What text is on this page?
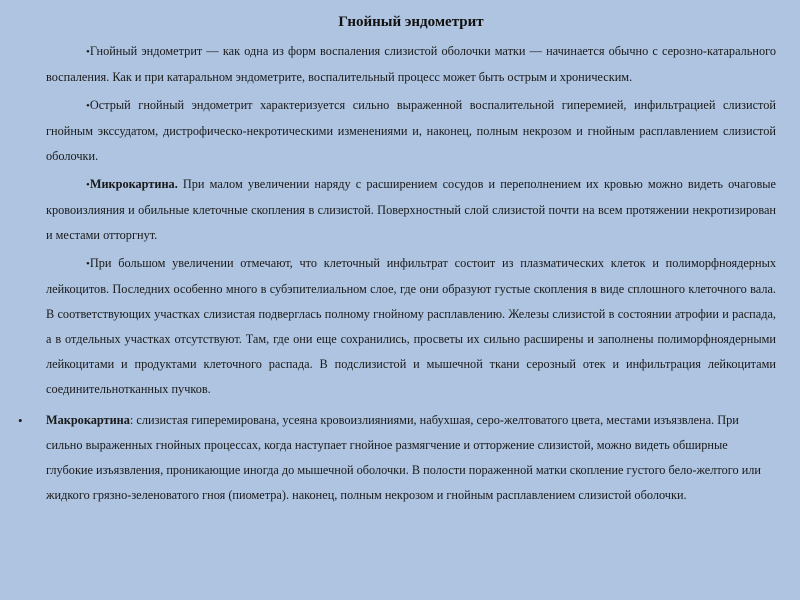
Гнойный эндометрит

•Гнойный эндометрит — как одна из форм воспаления слизистой оболочки матки — начинается обычно с серозно-катарального воспаления. Как и при катаральном эндометрите, воспалительный процесс может быть острым и хроническим.

•Острый гнойный эндометрит характеризуется сильно выраженной воспалительной гиперемией, инфильтрацией слизистой гнойным экссудатом, дистрофическо-некротическими изменениями и, наконец, полным некрозом и гнойным расплавлением слизистой оболочки.

•Микрокартина. При малом увеличении наряду с расширением сосудов и переполнением их кровью можно видеть очаговые кровоизлияния и обильные клеточные скопления в слизистой. Поверхностный слой слизистой почти на всем протяжении некротизирован и местами отторгнут.

•При большом увеличении отмечают, что клеточный инфильтрат состоит из плазматических клеток и полиморфноядерных лейкоцитов. Последних особенно много в субэпителиальном слое, где они образуют густые скопления в виде сплошного клеточного вала. В соответствующих участках слизистая подверглась полному гнойному расплавлению. Железы слизистой в состоянии атрофии и распада, а в отдельных участках отсутствуют. Там, где они еще сохранились, просветы их сильно расширены и заполнены полиморфноядерными лейкоцитами и продуктами клеточного распада. В подслизистой и мышечной ткани серозный отек и инфильтрация лейкоцитами соединительнотканных пучков.

• Макрокартина: слизистая гиперемирована, усеяна кровоизлияниями, набухшая, серо-желтоватого цвета, местами изъязвлена. При сильно выраженных гнойных процессах, когда наступает гнойное размягчение и отторжение слизистой, можно видеть обширные глубокие изъязвления, проникающие иногда до мышечной оболочки. В полости пораженной матки скопление густого бело-желтого или жидкого грязно-зеленоватого гноя (пиометра). наконец, полным некрозом и гнойным расплавлением слизистой оболочки.
